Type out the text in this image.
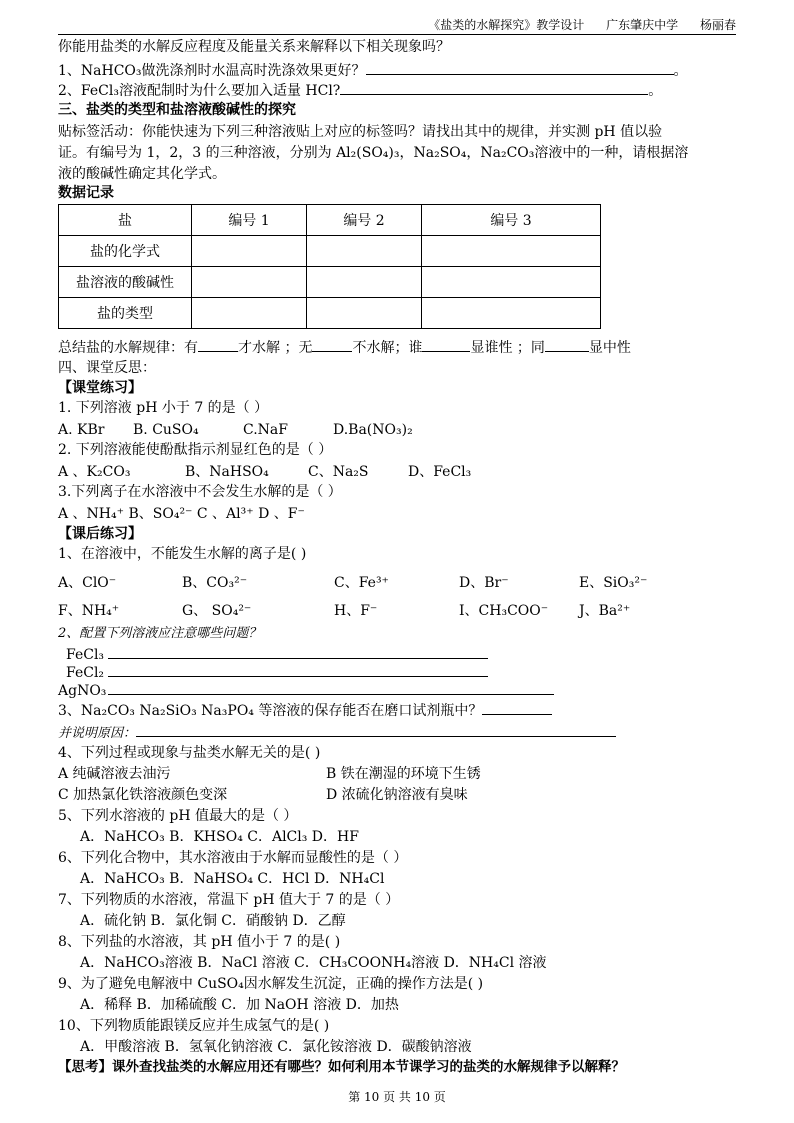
《盐类的水解探究》教学设计 广东肇庆中学 杨丽春
你能用盐类的水解反应程度及能量关系来解释以下相关现象吗？
1、NaHCO₃做洗涤剂时水温高时洗涤效果更好？	。
2、FeCl₃溶液配制时为什么要加入适量 HCl?	。
三、盐类的类型和盐溶液酸碱性的探究
贴标签活动：你能快速为下列三种溶液贴上对应的标签吗？请找出其中的规律，并实测 pH 值以验
证。有编号为 1，2，3 的三种溶液，分别为 Al₂(SO₄)₃，Na₂SO₄，Na₂CO₃溶液中的一种，请根据溶
液的酸碱性确定其化学式。
数据记录
盐	编号 1	编号 2	编号 3
盐的化学式			
盐溶液的酸碱性			
盐的类型			
总结盐的水解规律：有	才水解 ；无	不水解；谁	显谁性 ；同	显中性
四、课堂反思：
【课堂练习】
1. 下列溶液 pH 小于 7 的是（ ）
A. KBr B. CuSO₄	C.NaF	D.Ba(NO₃)₂
2. 下列溶液能使酚酞指示剂显红色的是（ ）
A 、K₂CO₃	B、NaHSO₄	C、Na₂S	D、FeCl₃
3.下列离子在水溶液中不会发生水解的是（ ）
A 、NH₄⁺ B、SO₄²⁻ C 、Al³⁺ D 、F⁻
【课后练习】
1、在溶液中，不能发生水解的离子是( )
A、ClO⁻	B、CO₃²⁻	C、Fe³⁺	D、Br⁻	E、SiO₃²⁻
F、NH₄⁺	G、 SO₄²⁻	H、F⁻	I、CH₃COO⁻ J、Ba²⁺
2、配置下列溶液应注意哪些问题？
FeCl₃
FeCl₂
AgNO₃
3、Na₂CO₃ Na₂SiO₃ Na₃PO₄ 等溶液的保存能否在磨口试剂瓶中？
并说明原因：
4、下列过程或现象与盐类水解无关的是( )
A 纯碱溶液去油污	B 铁在潮湿的环境下生锈
C 加热氯化铁溶液颜色变深	D 浓硫化钠溶液有臭味
5、下列水溶液的 pH 值最大的是（ ）
A．NaHCO₃ B．KHSO₄ C．AlCl₃ D．HF
6、下列化合物中，其水溶液由于水解而显酸性的是（ ）
A．NaHCO₃ B．NaHSO₄ C．HCl D．NH₄Cl
7、下列物质的水溶液，常温下 pH 值大于 7 的是（ ）
A．硫化钠 B．氯化铜 C．硝酸钠 D．乙醇
8、下列盐的水溶液，其 pH 值小于 7 的是( )
A．NaHCO₃溶液 B．NaCl 溶液 C．CH₃COONH₄溶液 D．NH₄Cl 溶液
9、为了避免电解液中 CuSO₄因水解发生沉淀，正确的操作方法是( )
A．稀释 B．加稀硫酸 C．加 NaOH 溶液 D．加热
10、下列物质能跟镁反应并生成氢气的是( )
A．甲酸溶液 B．氢氧化钠溶液 C．氯化铵溶液 D．碳酸钠溶液
【思考】课外查找盐类的水解应用还有哪些？如何利用本节课学习的盐类的水解规律予以解释？
第 10 页 共 10 页
